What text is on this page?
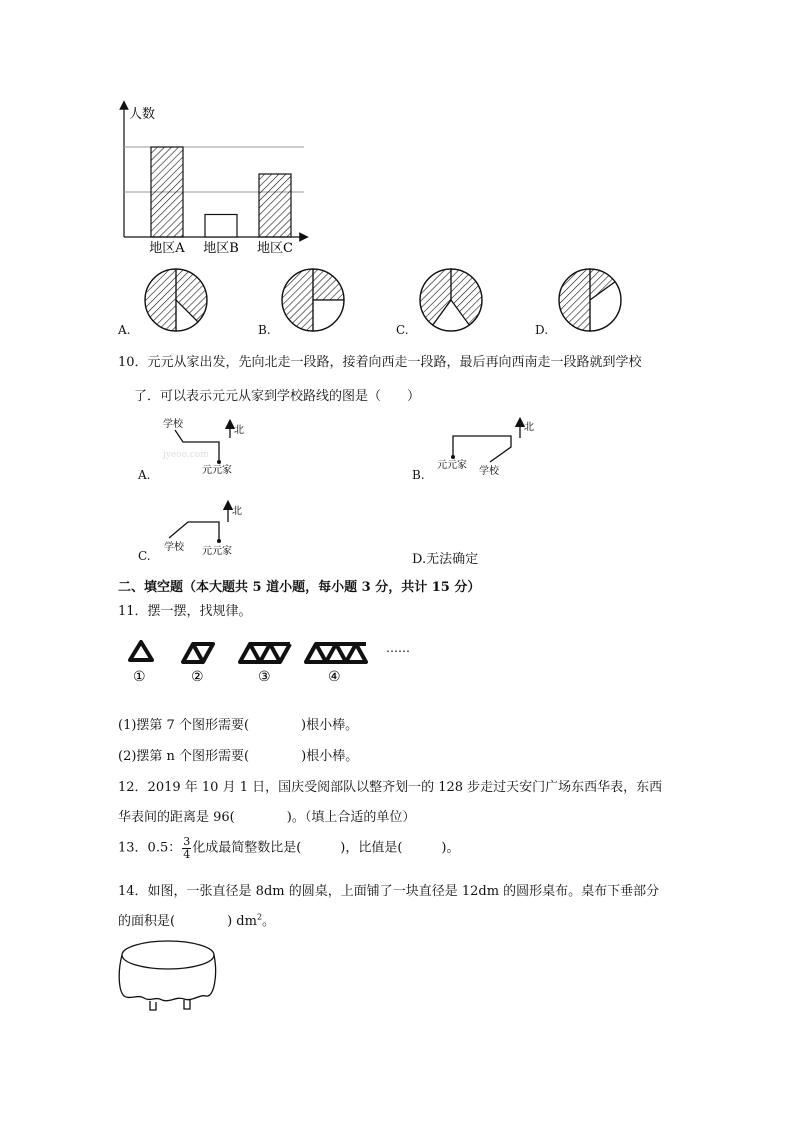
人数
地区A 地区B 地区C
北
学校
元元家
jyeoo.com
北
元元家
学校
北
学校 元元家
……
①	②	③	④
A.	B.	C.	D.
10．元元从家出发，先向北走一段路，接着向西走一段路，最后再向西南走一段路就到学校
了．可以表示元元从家到学校路线的图是（　　）
A.	B.
C.	D.无法确定
二、填空题（本大题共 5 道小题，每小题 3 分，共计 15 分）
11．摆一摆，找规律。
(1)摆第 7 个图形需要(　　　　)根小棒。
(2)摆第 n 个图形需要(　　　　)根小棒。
12．2019 年 10 月 1 日，国庆受阅部队以整齐划一的 128 步走过天安门广场东西华表，东西
华表间的距离是 96(　　　　)。（填上合适的单位）
13．0.5： $\frac{3}{4}$ 化成最简整数比是(　　　)，比值是(　　　)。
14．如图，一张直径是 8dm 的圆桌，上面铺了一块直径是 12dm 的圆形桌布。桌布下垂部分
的面积是(　　　　) $dm^2$。
